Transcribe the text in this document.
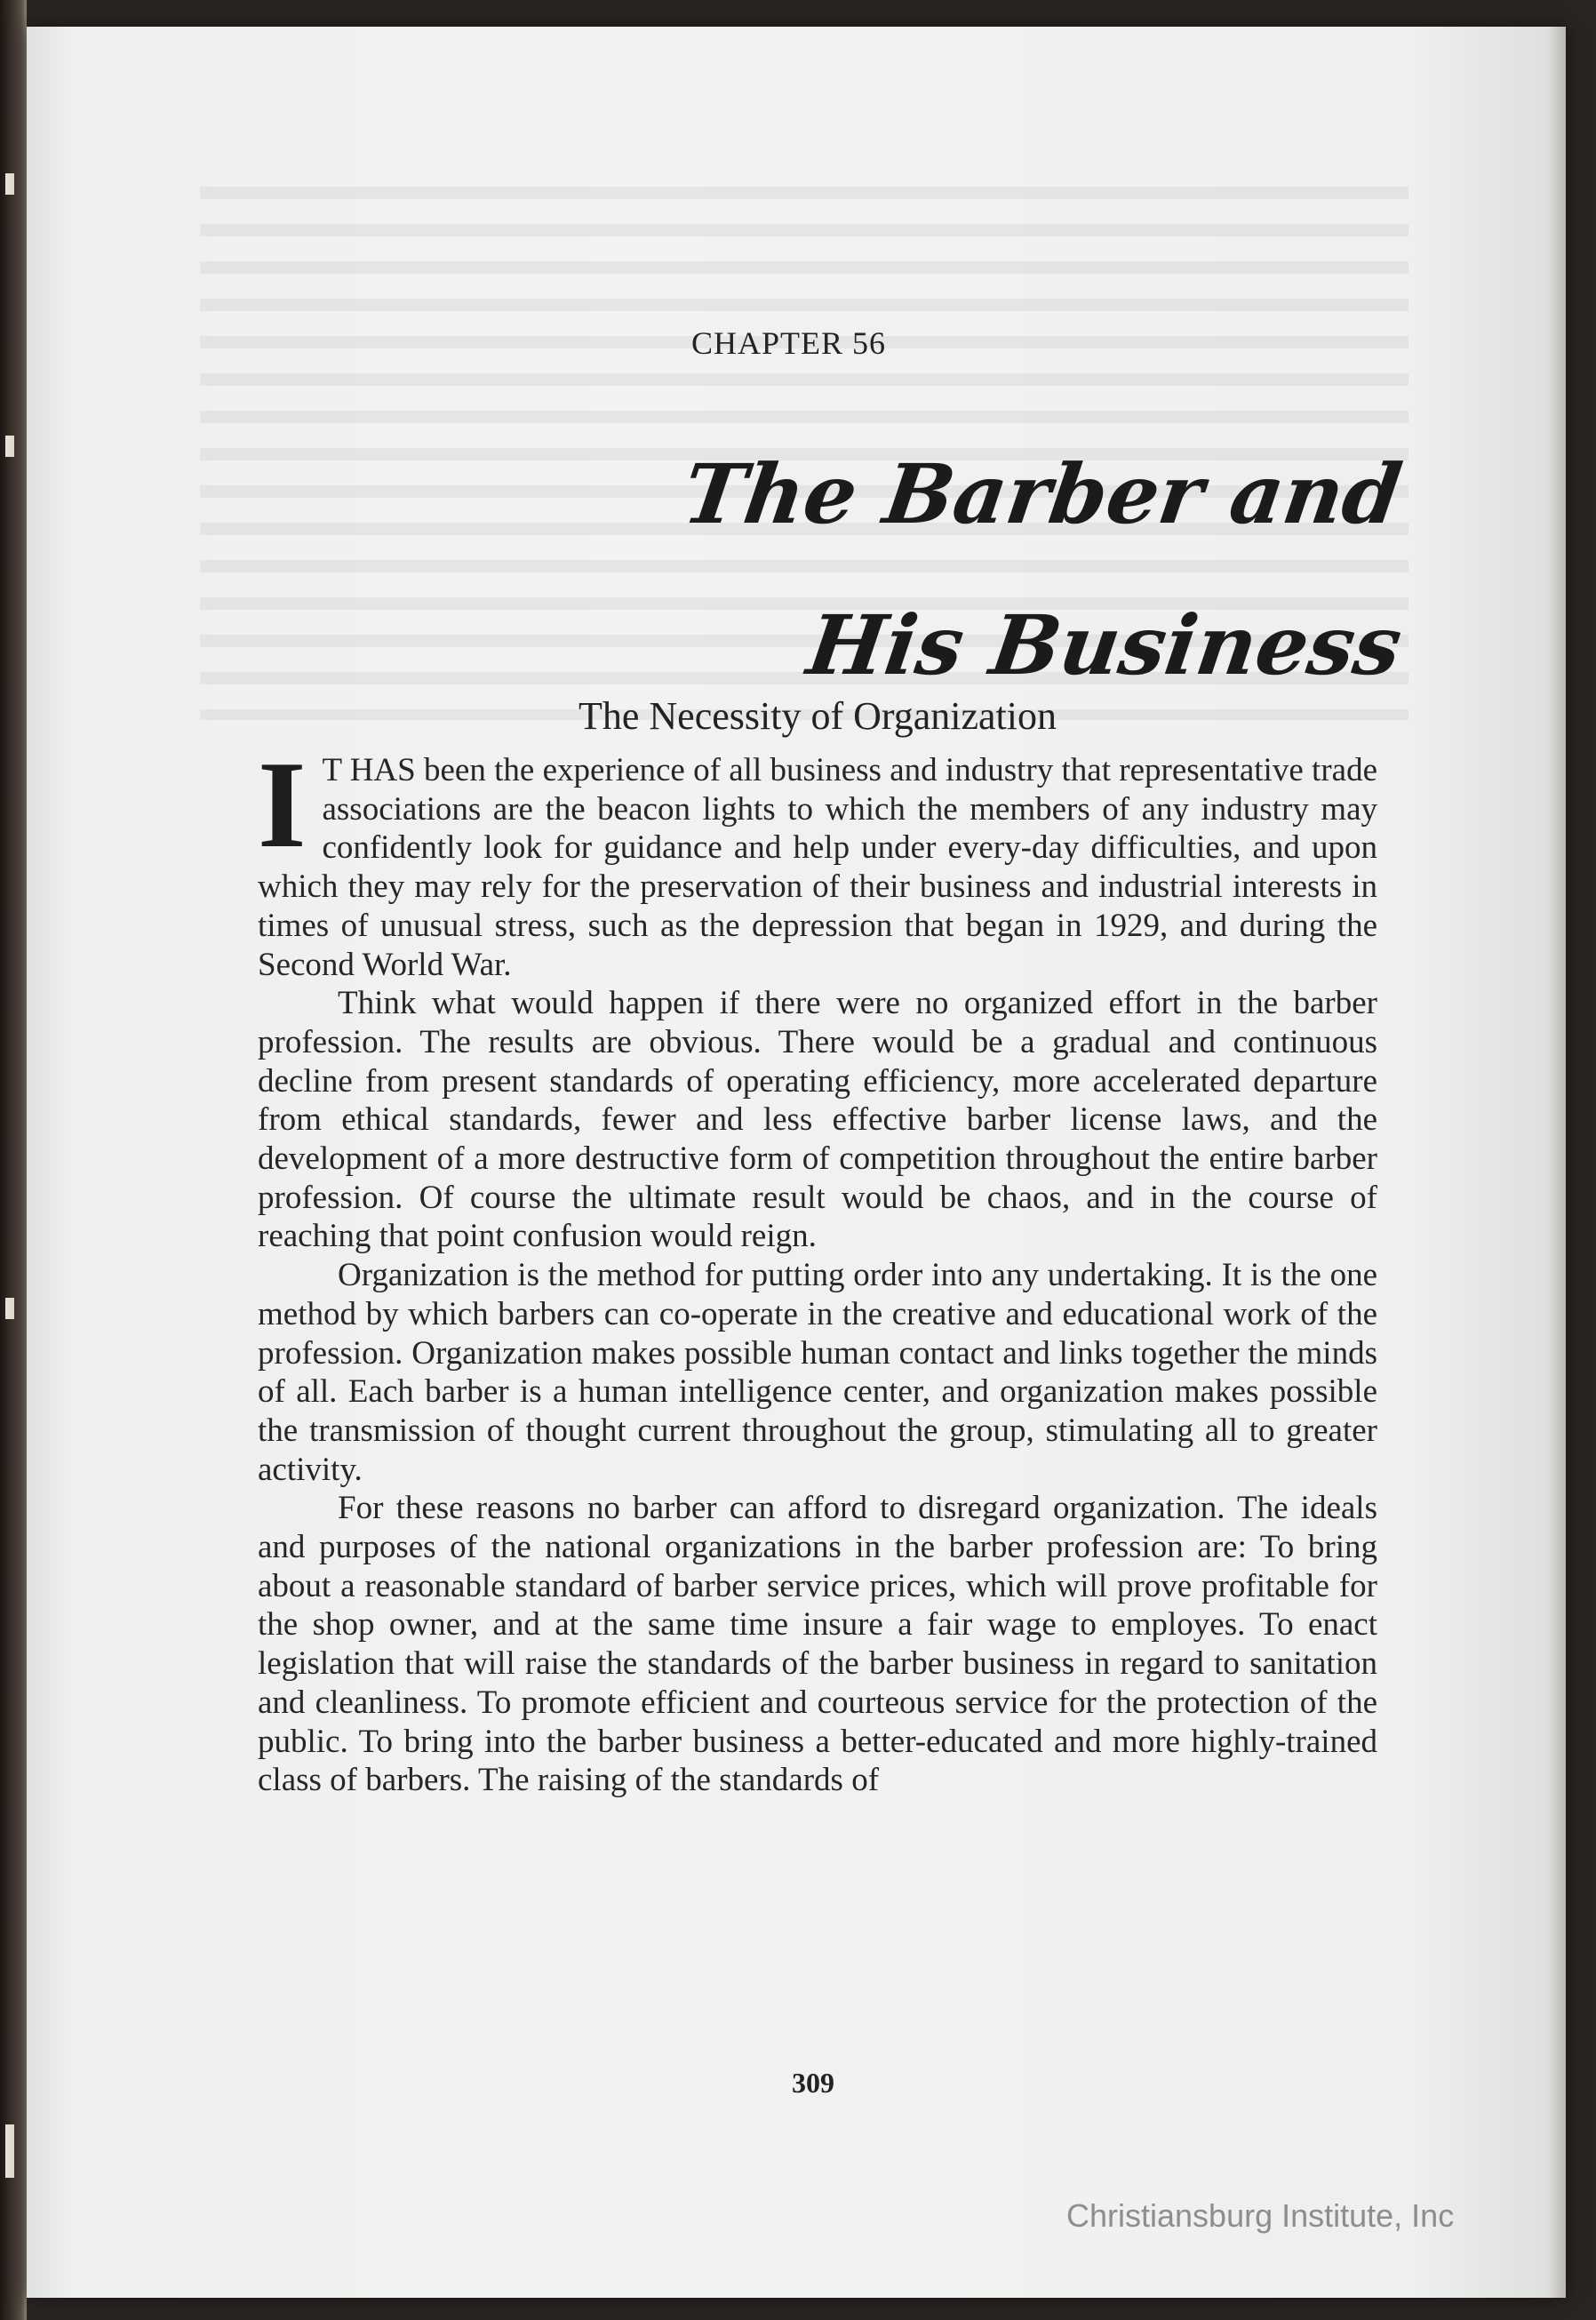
CHAPTER 56
The Barber and
His Business
The Necessity of Organization

I T HAS been the experience of all business and industry that representative trade associations are the beacon lights to which the members of any industry may confidently look for guidance and help under every-day difficulties, and upon which they may rely for the preservation of their business and industrial interests in times of unusual stress, such as the depression that began in 1929, and during the Second World War.

Think what would happen if there were no organized effort in the barber profession. The results are obvious. There would be a gradual and continuous decline from present standards of operating efficiency, more accelerated departure from ethical standards, fewer and less effective barber license laws, and the development of a more destructive form of competition throughout the entire barber profession. Of course the ultimate result would be chaos, and in the course of reaching that point confusion would reign.

Organization is the method for putting order into any undertaking. It is the one method by which barbers can co-operate in the creative and educational work of the profession. Organization makes possible human contact and links together the minds of all. Each barber is a human intelligence center, and organization makes possible the transmission of thought current throughout the group, stimulating all to greater activity.

For these reasons no barber can afford to disregard organization. The ideals and purposes of the national organizations in the barber profession are: To bring about a reasonable standard of barber service prices, which will prove profitable for the shop owner, and at the same time insure a fair wage to employes. To enact legislation that will raise the standards of the barber business in regard to sanitation and cleanliness. To promote efficient and courteous service for the protection of the public. To bring into the barber business a better-educated and more highly-trained class of barbers. The raising of the standards of

309
Christiansburg Institute, Inc
